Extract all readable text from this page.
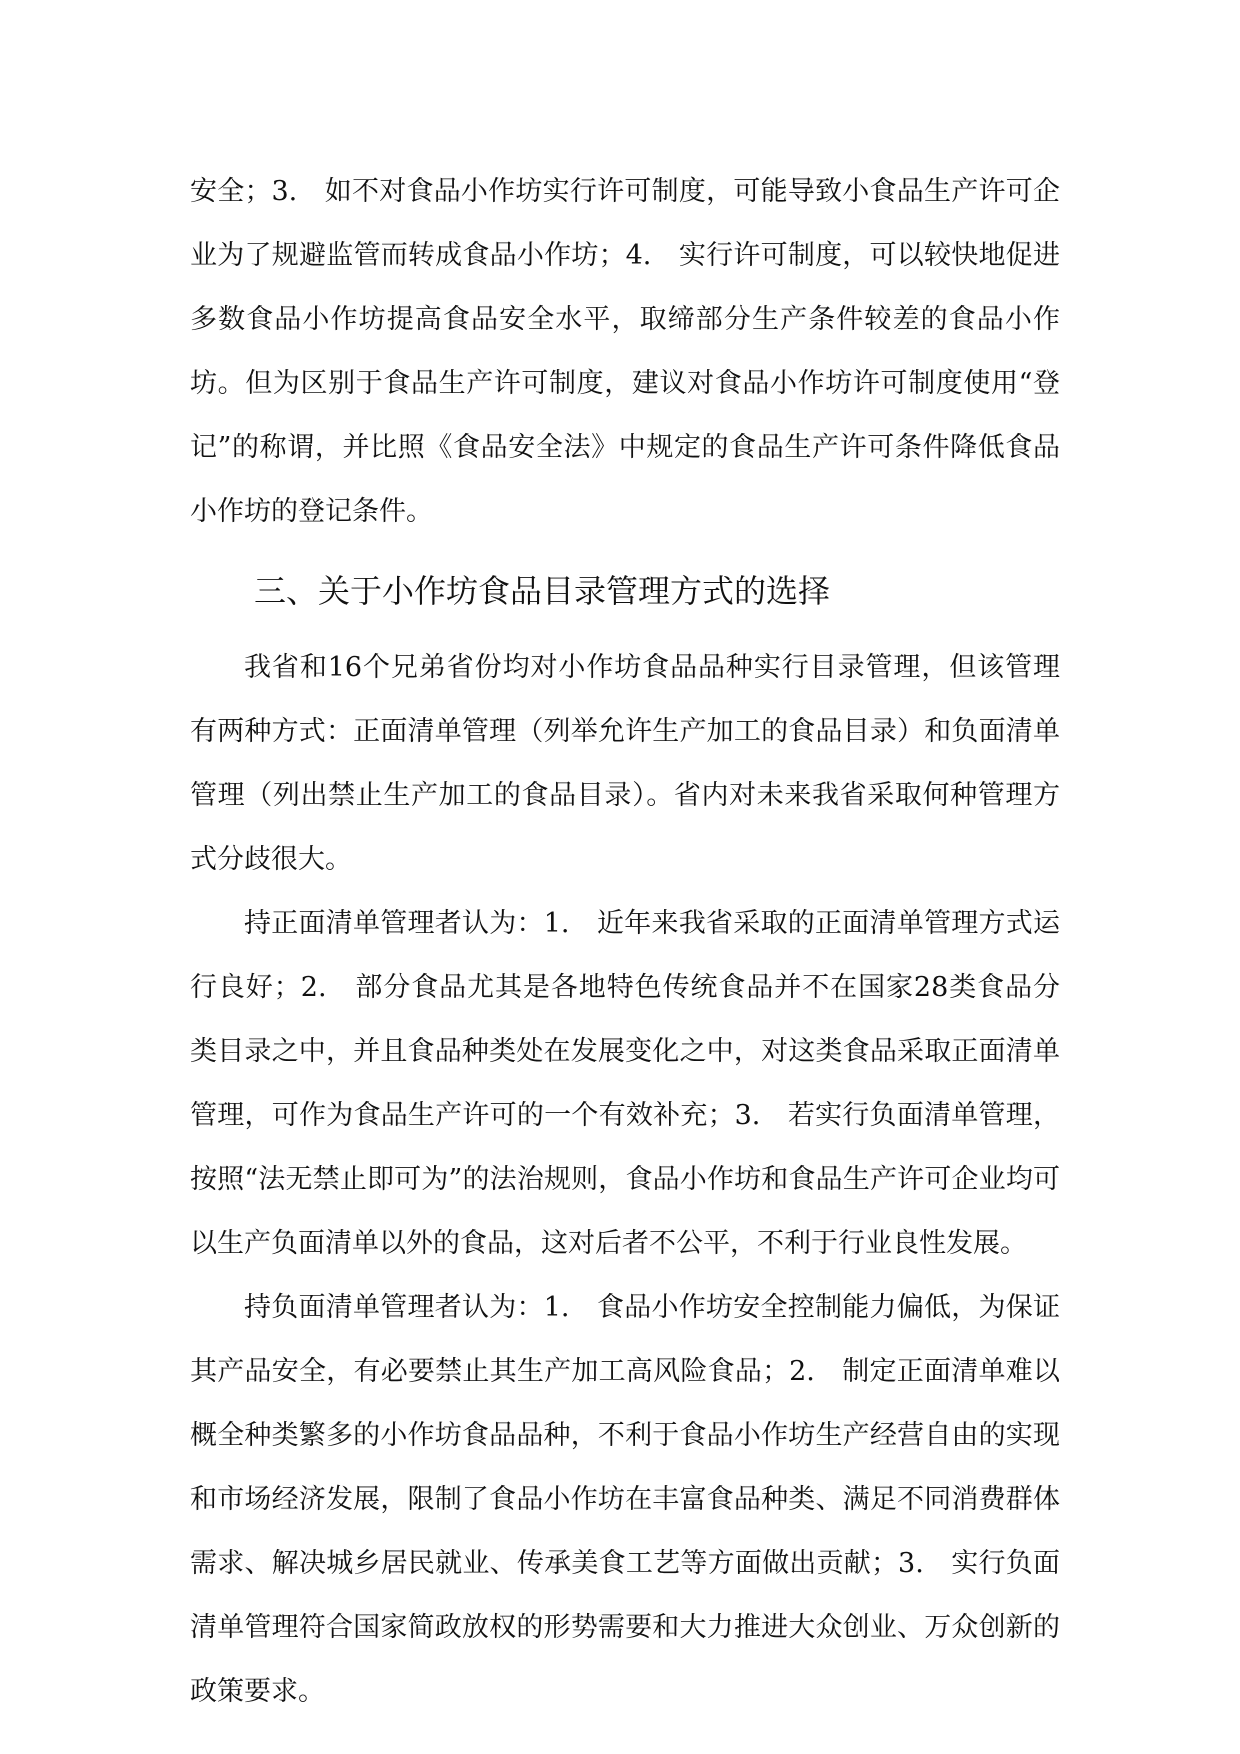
安全；3.　如不对食品小作坊实行许可制度，可能导致小食品生产许可企业为了规避监管而转成食品小作坊；4.　实行许可制度，可以较快地促进多数食品小作坊提高食品安全水平，取缔部分生产条件较差的食品小作坊。但为区别于食品生产许可制度，建议对食品小作坊许可制度使用“登记”的称谓，并比照《食品安全法》中规定的食品生产许可条件降低食品小作坊的登记条件。

三、关于小作坊食品目录管理方式的选择

我省和16个兄弟省份均对小作坊食品品种实行目录管理，但该管理有两种方式：正面清单管理（列举允许生产加工的食品目录）和负面清单管理（列出禁止生产加工的食品目录）。省内对未来我省采取何种管理方式分歧很大。

持正面清单管理者认为：1.　近年来我省采取的正面清单管理方式运行良好；2.　部分食品尤其是各地特色传统食品并不在国家28类食品分类目录之中，并且食品种类处在发展变化之中，对这类食品采取正面清单管理，可作为食品生产许可的一个有效补充；3.　若实行负面清单管理，按照“法无禁止即可为”的法治规则，食品小作坊和食品生产许可企业均可以生产负面清单以外的食品，这对后者不公平，不利于行业良性发展。

持负面清单管理者认为：1.　食品小作坊安全控制能力偏低，为保证其产品安全，有必要禁止其生产加工高风险食品；2.　制定正面清单难以概全种类繁多的小作坊食品品种，不利于食品小作坊生产经营自由的实现和市场经济发展，限制了食品小作坊在丰富食品种类、满足不同消费群体需求、解决城乡居民就业、传承美食工艺等方面做出贡献；3.　实行负面清单管理符合国家简政放权的形势需要和大力推进大众创业、万众创新的政策要求。
